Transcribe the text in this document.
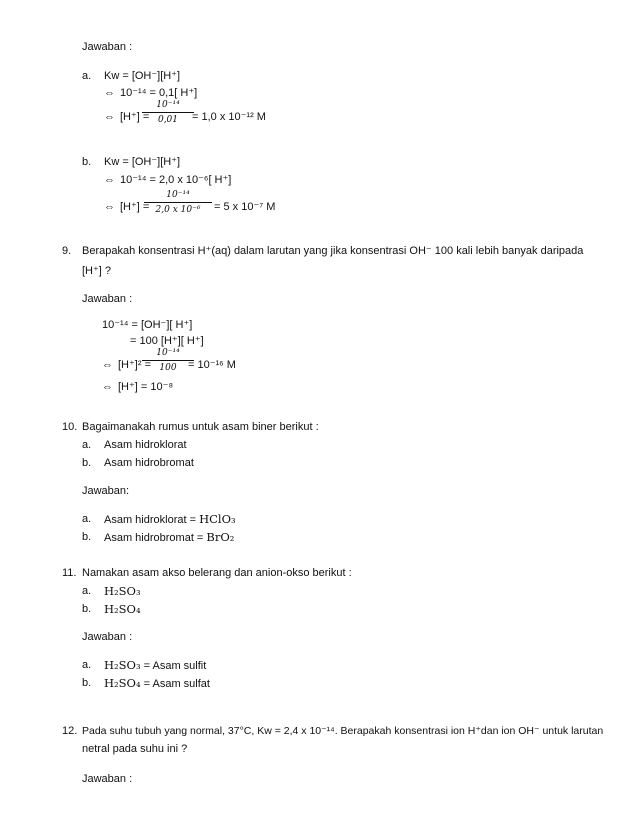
Jawaban :
a. Kw = [OH⁻][H⁺]
⇔ 10⁻¹⁴ = 0,1[ H⁺]
⇔ [H⁺] =
10⁻¹⁴
0,01	= 1,0 x 10⁻¹² M
b. Kw = [OH⁻][H⁺]
⇔ 10⁻¹⁴ = 2,0 x 10⁻⁶[ H⁺]
⇔ [H⁺] =
10⁻¹⁴
2,0 x 10⁻⁶	= 5 x 10⁻⁷ M
9. Berapakah konsentrasi H⁺(aq) dalam larutan yang jika konsentrasi OH⁻ 100 kali lebih banyak daripada
[H⁺] ?
Jawaban :
10⁻¹⁴ = [OH⁻][ H⁺]
= 100 [H⁺][ H⁺]
⇔ [H⁺]² =
10⁻¹⁴
100	= 10⁻¹⁶ M
⇔ [H⁺] = 10⁻⁸
10. Bagaimanakah rumus untuk asam biner berikut :
a. Asam hidroklorat
b. Asam hidrobromat
Jawaban:
a. Asam hidroklorat = HClO₃
b. Asam hidrobromat = BrO₂
11. Namakan asam akso belerang dan anion-okso berikut :
a. H₂SO₃
b. H₂SO₄
Jawaban :
a. H₂SO₃ = Asam sulfit
b. H₂SO₄ = Asam sulfat
12. Pada suhu tubuh yang normal, 37°C, Kw = 2,4 x 10⁻¹⁴. Berapakah konsentrasi ion H⁺dan ion OH⁻ untuk larutan
netral pada suhu ini ?
Jawaban :
